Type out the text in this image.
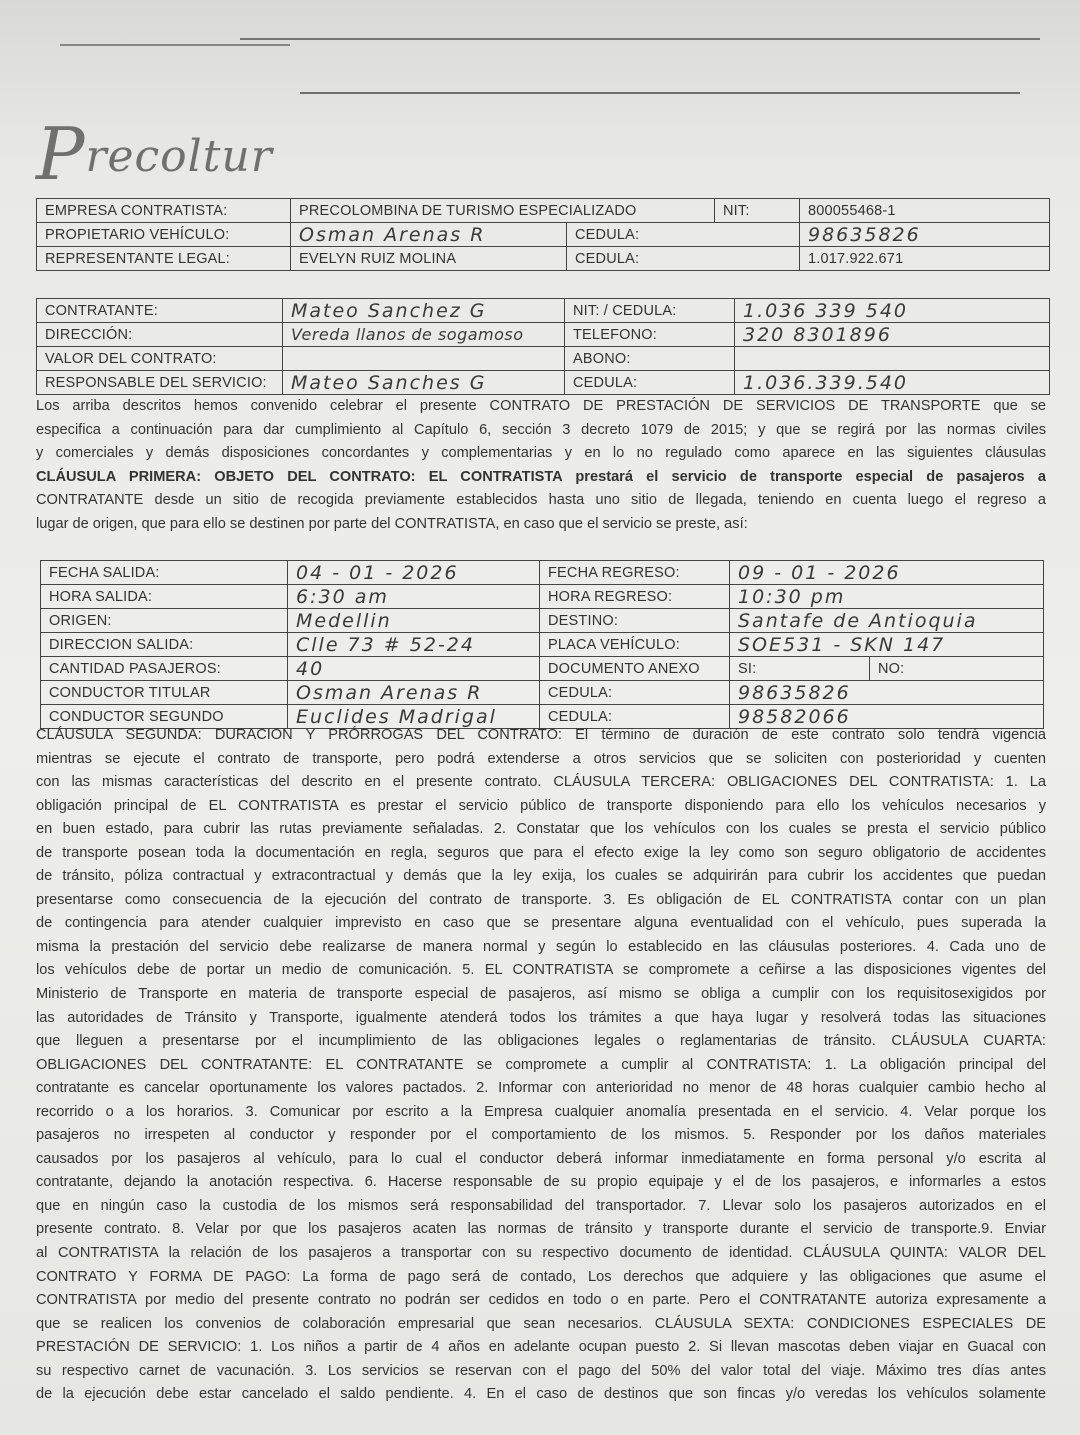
Precoltur
EMPRESA CONTRATISTA:	PRECOLOMBINA DE TURISMO ESPECIALIZADO		NIT:	800055468-1
PROPIETARIO VEHÍCULO:	Osman Arenas R	CEDULA:		98635826
REPRESENTANTE LEGAL:	EVELYN RUIZ MOLINA	CEDULA:		1.017.922.671
CONTRATANTE:	Mateo Sanchez G	NIT: / CEDULA:	1.036 339 540
DIRECCIÓN:	Vereda llanos de sogamoso	TELEFONO:	320 8301896
VALOR DEL CONTRATO:		ABONO:	
RESPONSABLE DEL SERVICIO:	Mateo Sanches G	CEDULA:	1.036.339.540
Los arriba descritos hemos convenido celebrar el presente CONTRATO DE PRESTACIÓN DE SERVICIOS DE TRANSPORTE que se
especifica a continuación para dar cumplimiento al Capítulo 6, sección 3 decreto 1079 de 2015; y que se regirá por las normas civiles
y comerciales y demás disposiciones concordantes y complementarias y en lo no regulado como aparece en las siguientes cláusulas
CLÁUSULA PRIMERA: OBJETO DEL CONTRATO: EL CONTRATISTA prestará el servicio de transporte especial de pasajeros a
CONTRATANTE desde un sitio de recogida previamente establecidos hasta uno sitio de llegada, teniendo en cuenta luego el regreso a
lugar de origen, que para ello se destinen por parte del CONTRATISTA, en caso que el servicio se preste, así:
FECHA SALIDA:	04 - 01 - 2026	FECHA REGRESO:	09 - 01 - 2026	
HORA SALIDA:	6:30 am	HORA REGRESO:	10:30 pm	
ORIGEN:	Medellin	DESTINO:	Santafe de Antioquia	
DIRECCION SALIDA:	Clle 73 # 52-24	PLACA VEHÍCULO:	SOE531 - SKN 147	
CANTIDAD PASAJEROS:	40	DOCUMENTO ANEXO	SI:	NO:
CONDUCTOR TITULAR	Osman Arenas R	CEDULA:	98635826	
CONDUCTOR SEGUNDO	Euclides Madrigal	CEDULA:	98582066	
CLÁUSULA SEGUNDA: DURACION Y PRÓRROGAS DEL CONTRATO: El término de duración de este contrato solo tendrá vigencia
mientras se ejecute el contrato de transporte, pero podrá extenderse a otros servicios que se soliciten con posterioridad y cuenten
con las mismas características del descrito en el presente contrato. CLÁUSULA TERCERA: OBLIGACIONES DEL CONTRATISTA: 1. La
obligación principal de EL CONTRATISTA es prestar el servicio público de transporte disponiendo para ello los vehículos necesarios y
en buen estado, para cubrir las rutas previamente señaladas. 2. Constatar que los vehículos con los cuales se presta el servicio público
de transporte posean toda la documentación en regla, seguros que para el efecto exige la ley como son seguro obligatorio de accidentes
de tránsito, póliza contractual y extracontractual y demás que la ley exija, los cuales se adquirirán para cubrir los accidentes que puedan
presentarse como consecuencia de la ejecución del contrato de transporte. 3. Es obligación de EL CONTRATISTA contar con un plan
de contingencia para atender cualquier imprevisto en caso que se presentare alguna eventualidad con el vehículo, pues superada la
misma la prestación del servicio debe realizarse de manera normal y según lo establecido en las cláusulas posteriores. 4. Cada uno de
los vehículos debe de portar un medio de comunicación. 5. EL CONTRATISTA se compromete a ceñirse a las disposiciones vigentes del
Ministerio de Transporte en materia de transporte especial de pasajeros, así mismo se obliga a cumplir con los requisitosexigidos por
las autoridades de Tránsito y Transporte, igualmente atenderá todos los trámites a que haya lugar y resolverá todas las situaciones
que lleguen a presentarse por el incumplimiento de las obligaciones legales o reglamentarias de tránsito. CLÁUSULA CUARTA:
OBLIGACIONES DEL CONTRATANTE: EL CONTRATANTE se compromete a cumplir al CONTRATISTA: 1. La obligación principal del
contratante es cancelar oportunamente los valores pactados. 2. Informar con anterioridad no menor de 48 horas cualquier cambio hecho al
recorrido o a los horarios. 3. Comunicar por escrito a la Empresa cualquier anomalía presentada en el servicio. 4. Velar porque los
pasajeros no irrespeten al conductor y responder por el comportamiento de los mismos. 5. Responder por los daños materiales
causados por los pasajeros al vehículo, para lo cual el conductor deberá informar inmediatamente en forma personal y/o escrita al
contratante, dejando la anotación respectiva. 6. Hacerse responsable de su propio equipaje y el de los pasajeros, e informarles a estos
que en ningún caso la custodia de los mismos será responsabilidad del transportador. 7. Llevar solo los pasajeros autorizados en el
presente contrato. 8. Velar por que los pasajeros acaten las normas de tránsito y transporte durante el servicio de transporte.9. Enviar
al CONTRATISTA la relación de los pasajeros a transportar con su respectivo documento de identidad. CLÁUSULA QUINTA: VALOR DEL
CONTRATO Y FORMA DE PAGO: La forma de pago será de contado, Los derechos que adquiere y las obligaciones que asume el
CONTRATISTA por medio del presente contrato no podrán ser cedidos en todo o en parte. Pero el CONTRATANTE autoriza expresamente a
que se realicen los convenios de colaboración empresarial que sean necesarios. CLÁUSULA SEXTA: CONDICIONES ESPECIALES DE
PRESTACIÓN DE SERVICIO: 1. Los niños a partir de 4 años en adelante ocupan puesto 2. Si llevan mascotas deben viajar en Guacal con
su respectivo carnet de vacunación. 3. Los servicios se reservan con el pago del 50% del valor total del viaje. Máximo tres días antes
de la ejecución debe estar cancelado el saldo pendiente. 4. En el caso de destinos que son fincas y/o veredas los vehículos solamente
